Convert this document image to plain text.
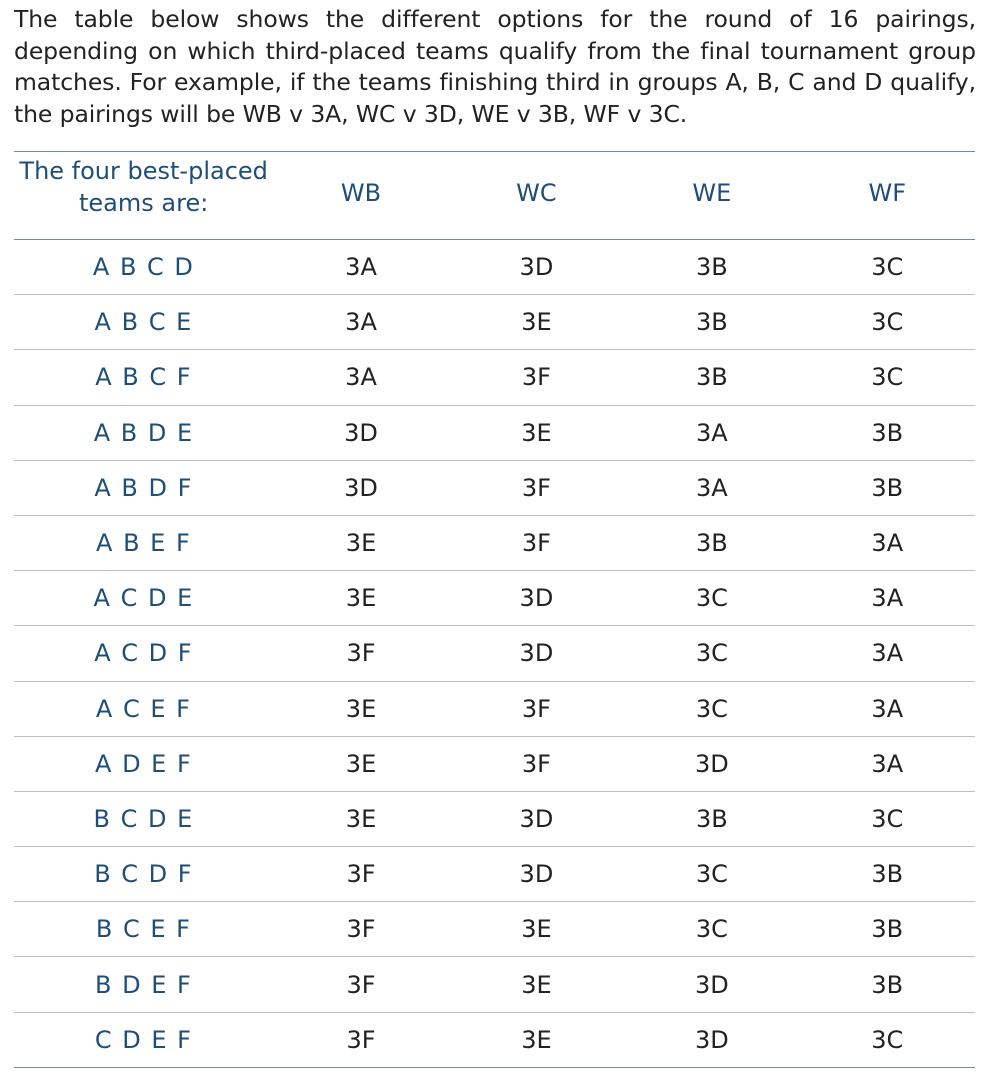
The table below shows the different options for the round of 16 pairings, depending on which third-placed teams qualify from the final tournament group matches. For example, if the teams finishing third in groups A, B, C and D qualify, the pairings will be WB v 3A, WC v 3D, WE v 3B, WF v 3C.

The four best-placed teams are:	WB	WC	WE	WF
A B C D	3A	3D	3B	3C
A B C E	3A	3E	3B	3C
A B C F	3A	3F	3B	3C
A B D E	3D	3E	3A	3B
A B D F	3D	3F	3A	3B
A B E F	3E	3F	3B	3A
A C D E	3E	3D	3C	3A
A C D F	3F	3D	3C	3A
A C E F	3E	3F	3C	3A
A D E F	3E	3F	3D	3A
B C D E	3E	3D	3B	3C
B C D F	3F	3D	3C	3B
B C E F	3F	3E	3C	3B
B D E F	3F	3E	3D	3B
C D E F	3F	3E	3D	3C
